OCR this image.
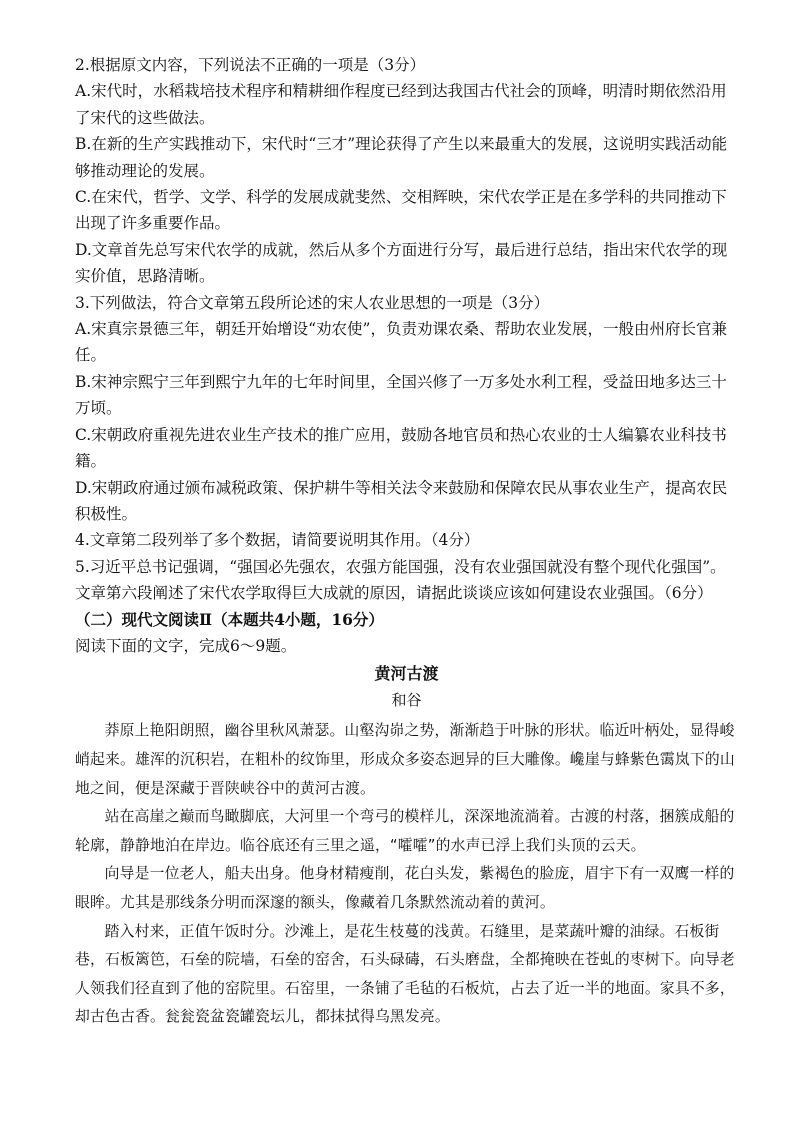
2.根据原文内容，下列说法不正确的一项是（3分）

A.宋代时，水稻栽培技术程序和精耕细作程度已经到达我国古代社会的顶峰，明清时期依然沿用了宋代的这些做法。

B.在新的生产实践推动下，宋代时“三才”理论获得了产生以来最重大的发展，这说明实践活动能够推动理论的发展。

C.在宋代，哲学、文学、科学的发展成就斐然、交相辉映，宋代农学正是在多学科的共同推动下出现了许多重要作品。

D.文章首先总写宋代农学的成就，然后从多个方面进行分写，最后进行总结，指出宋代农学的现实价值，思路清晰。

3.下列做法，符合文章第五段所论述的宋人农业思想的一项是（3分）

A.宋真宗景德三年，朝廷开始增设“劝农使”，负责劝课农桑、帮助农业发展，一般由州府长官兼任。

B.宋神宗熙宁三年到熙宁九年的七年时间里，全国兴修了一万多处水利工程，受益田地多达三十万顷。

C.宋朝政府重视先进农业生产技术的推广应用，鼓励各地官员和热心农业的士人编纂农业科技书籍。

D.宋朝政府通过颁布减税政策、保护耕牛等相关法令来鼓励和保障农民从事农业生产，提高农民积极性。

4.文章第二段列举了多个数据，请简要说明其作用。（4分）

5.习近平总书记强调，“强国必先强农，农强方能国强，没有农业强国就没有整个现代化强国”。文章第六段阐述了宋代农学取得巨大成就的原因，请据此谈谈应该如何建设农业强国。（6分）

（二）现代文阅读Ⅱ（本题共4小题，16分）

阅读下面的文字，完成6～9题。

黄河古渡

和谷

莽原上艳阳朗照，幽谷里秋风萧瑟。山壑沟峁之势，渐渐趋于叶脉的形状。临近叶柄处，显得峻峭起来。雄浑的沉积岩，在粗朴的纹饰里，形成众多姿态迥异的巨大雕像。巉崖与蜂紫色霭岚下的山地之间，便是深藏于晋陕峡谷中的黄河古渡。

站在高崖之巅而鸟瞰脚底，大河里一个弯弓的模样儿，深深地流淌着。古渡的村落，捆簇成船的轮廓，静静地泊在岸边。临谷底还有三里之遥，“嚯嚯”的水声已浮上我们头顶的云天。

向导是一位老人，船夫出身。他身材精瘦削，花白头发，紫褐色的脸庞，眉宇下有一双鹰一样的眼眸。尤其是那线条分明而深邃的额头，像藏着几条默然流动着的黄河。

踏入村来，正值午饭时分。沙滩上，是花生枝蔓的浅黄。石缝里，是菜蔬叶瓣的油绿。石板街巷，石板篱笆，石垒的院墙，石垒的窑舍，石头碌碡，石头磨盘，全都掩映在苍虬的枣树下。向导老人领我们径直到了他的窑院里。石窑里，一条铺了毛毡的石板炕，占去了近一半的地面。家具不多，却古色古香。瓮瓮瓷盆瓷罐瓷坛儿，都抹拭得乌黑发亮。
